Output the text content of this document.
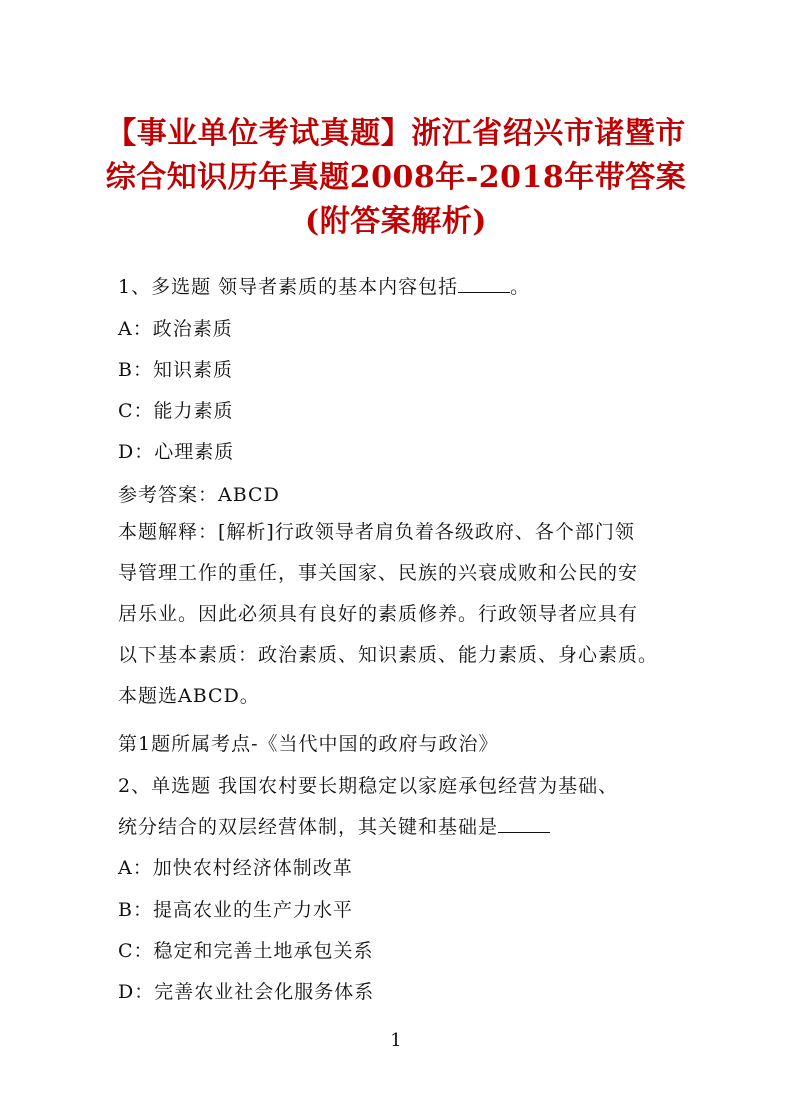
【事业单位考试真题】浙江省绍兴市诸暨市
综合知识历年真题2008年-2018年带答案
(附答案解析)
1、多选题 领导者素质的基本内容包括	。
A：政治素质
B：知识素质
C：能力素质
D：心理素质
参考答案：ABCD
本题解释：[解析]行政领导者肩负着各级政府、各个部门领
导管理工作的重任，事关国家、民族的兴衰成败和公民的安
居乐业。因此必须具有良好的素质修养。行政领导者应具有
以下基本素质：政治素质、知识素质、能力素质、身心素质。
本题选ABCD。
第1题所属考点-《当代中国的政府与政治》
2、单选题 我国农村要长期稳定以家庭承包经营为基础、
统分结合的双层经营体制，其关键和基础是
A：加快农村经济体制改革
B：提高农业的生产力水平
C：稳定和完善土地承包关系
D：完善农业社会化服务体系
1
